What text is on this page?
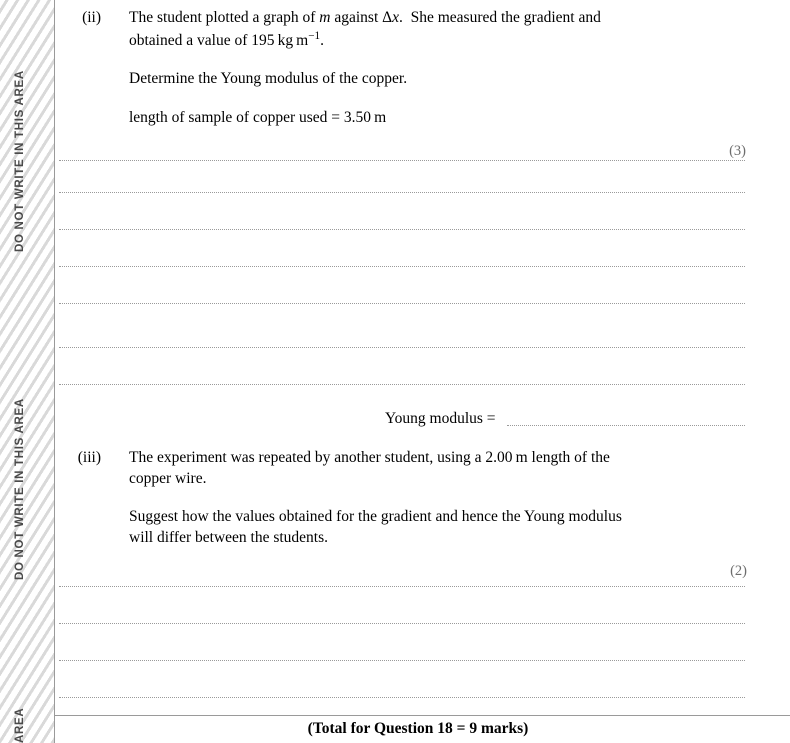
DO NOT WRITE IN THIS AREA
DO NOT WRITE IN THIS AREA
AREA
(ii) The student plotted a graph of m against Δx.  She measured the gradient and
obtained a value of 195 kg $m^{-1}$.
Determine the Young modulus of the copper.
length of sample of copper used = 3.50 m
(3)
Young modulus =
(iii) The experiment was repeated by another student, using a 2.00 m length of the
copper wire.
Suggest how the values obtained for the gradient and hence the Young modulus
will differ between the students.
(2)
(Total for Question 18 = 9 marks)
